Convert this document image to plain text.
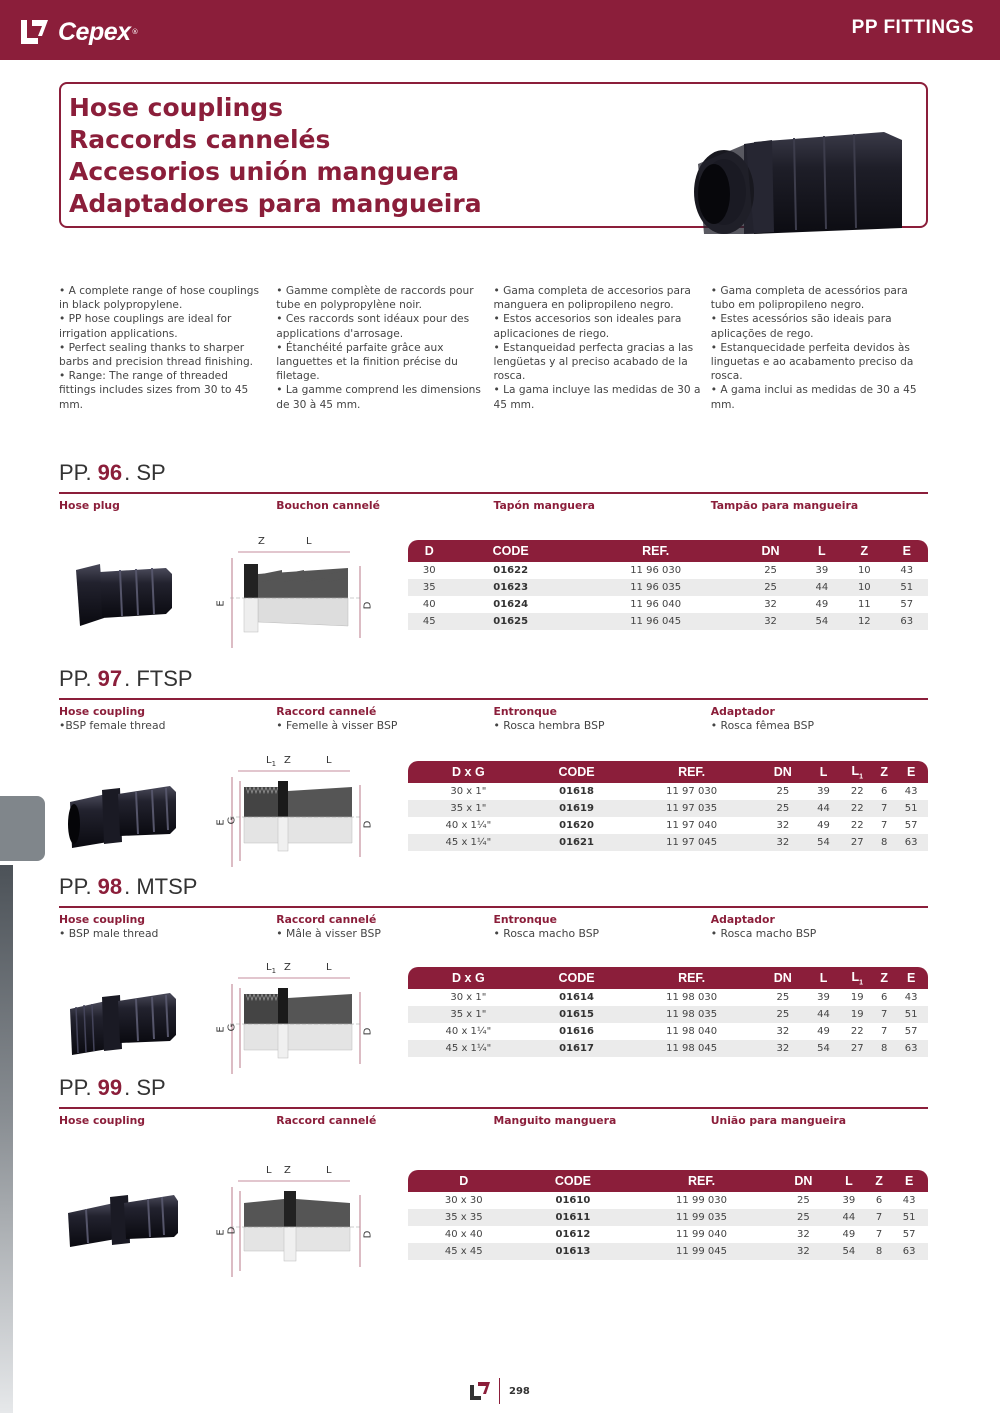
Cepex ®	PP FITTINGS
Hose couplings
Raccords cannelés
Accesorios unión manguera
Adaptadores para mangueira

• A complete range of hose couplings in black polypropylene.

• PP hose couplings are ideal for irrigation applications.

• Perfect sealing thanks to sharper barbs and precision thread finishing.

• Range: The range of threaded fittings includes sizes from 30 to 45 mm.

• Gamme complète de raccords pour tube en polypropylène noir.

• Ces raccords sont idéaux pour des applications d'arrosage.

• Étanchéité parfaite grâce aux languettes et la finition précise du filetage.

• La gamme comprend les dimensions de 30 à 45 mm.

• Gama completa de accesorios para manguera en polipropileno negro.

• Estos accesorios son ideales para aplicaciones de riego.

• Estanqueidad perfecta gracias a las lengüetas y al preciso acabado de la rosca.

• La gama incluye las medidas de 30 a 45 mm.

• Gama completa de acessórios para tubo em polipropileno negro.

• Estes acessórios são ideais para aplicações de rego.

• Estanquecidade perfeita devidos às linguetas e ao acabamento preciso da rosca.

• A gama inclui as medidas de 30 a 45 mm.

PP. 96 . SP
Hose plug	Bouchon cannelé	Tapón manguera	Tampão para mangueira
Z	L
E	D
D	CODE	REF.	DN	L	Z	E
30	01622	11 96 030	25	39	10	43
35	01623	11 96 035	25	44	10	51
40	01624	11 96 040	32	49	11	57
45	01625	11 96 045	32	54	12	63
PP. 97 . FTSP
Hose coupling
•BSP female thread
Raccord cannelé
• Femelle à visser BSP
Entronque
• Rosca hembra BSP
Adaptador
• Rosca fêmea BSP
$L_1$ Z	L
E G
D
D x G	CODE	REF.	DN	L	$L_1$	Z	E
30 x 1"	01618	11 97 030	25	39	22	6	43
35 x 1"	01619	11 97 035	25	44	22	7	51
40 x 1¼"	01620	11 97 040	32	49	22	7	57
45 x 1¼"	01621	11 97 045	32	54	27	8	63
PP. 98 . MTSP
Hose coupling
• BSP male thread
Raccord cannelé
• Mâle à visser BSP
Entronque
• Rosca macho BSP
Adaptador
• Rosca macho BSP
$L_1$ Z	L
E G
D
D x G	CODE	REF.	DN	L	$L_1$	Z	E
30 x 1"	01614	11 98 030	25	39	19	6	43
35 x 1"	01615	11 98 035	25	44	19	7	51
40 x 1¼"	01616	11 98 040	32	49	22	7	57
45 x 1¼"	01617	11 98 045	32	54	27	8	63
PP. 99 . SP
Hose coupling	Raccord cannelé	Manguito manguera	União para mangueira
L Z	L
E D
D
D	CODE	REF.	DN	L	Z	E
30 x 30	01610	11 99 030	25	39	6	43
35 x 35	01611	11 99 035	25	44	7	51
40 x 40	01612	11 99 040	32	49	7	57
45 x 45	01613	11 99 045	32	54	8	63
298
